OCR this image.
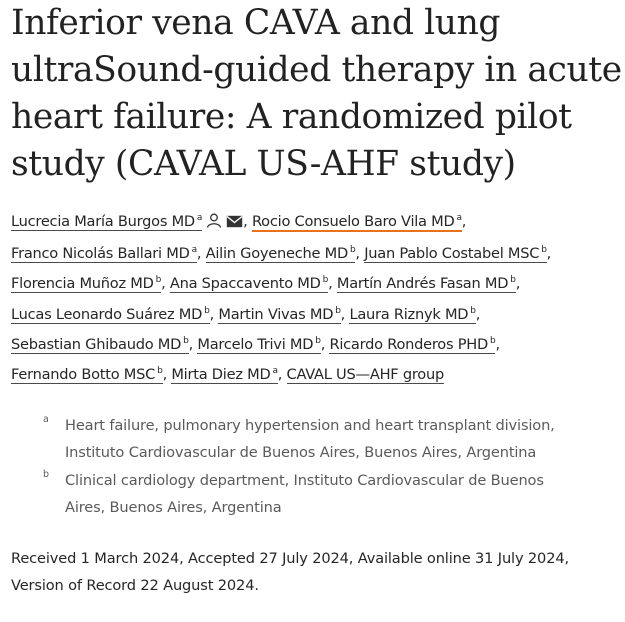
Inferior vena CAVA and lung
ultraSound-guided therapy in acute
heart failure: A randomized pilot
study (CAVAL US-AHF study)
Lucrecia María Burgos MD $^a$	, Rocio Consuelo Baro Vila MD $^a$,
Franco Nicolás Ballari MD $^a$, Ailin Goyeneche MD $^b$, Juan Pablo Costabel MSC $^b$,
Florencia Muñoz MD $^b$, Ana Spaccavento MD $^b$, Martín Andrés Fasan MD $^b$,
Lucas Leonardo Suárez MD $^b$, Martin Vivas MD $^b$, Laura Riznyk MD $^b$,
Sebastian Ghibaudo MD $^b$, Marcelo Trivi MD $^b$, Ricardo Ronderos PHD $^b$,
Fernando Botto MSC $^b$, Mirta Diez MD $^a$, CAVAL US—AHF group
a Heart failure, pulmonary hypertension and heart transplant division,
Instituto Cardiovascular de Buenos Aires, Buenos Aires, Argentina
b Clinical cardiology department, Instituto Cardiovascular de Buenos
Aires, Buenos Aires, Argentina
Received 1 March 2024, Accepted 27 July 2024, Available online 31 July 2024,
Version of Record 22 August 2024.
